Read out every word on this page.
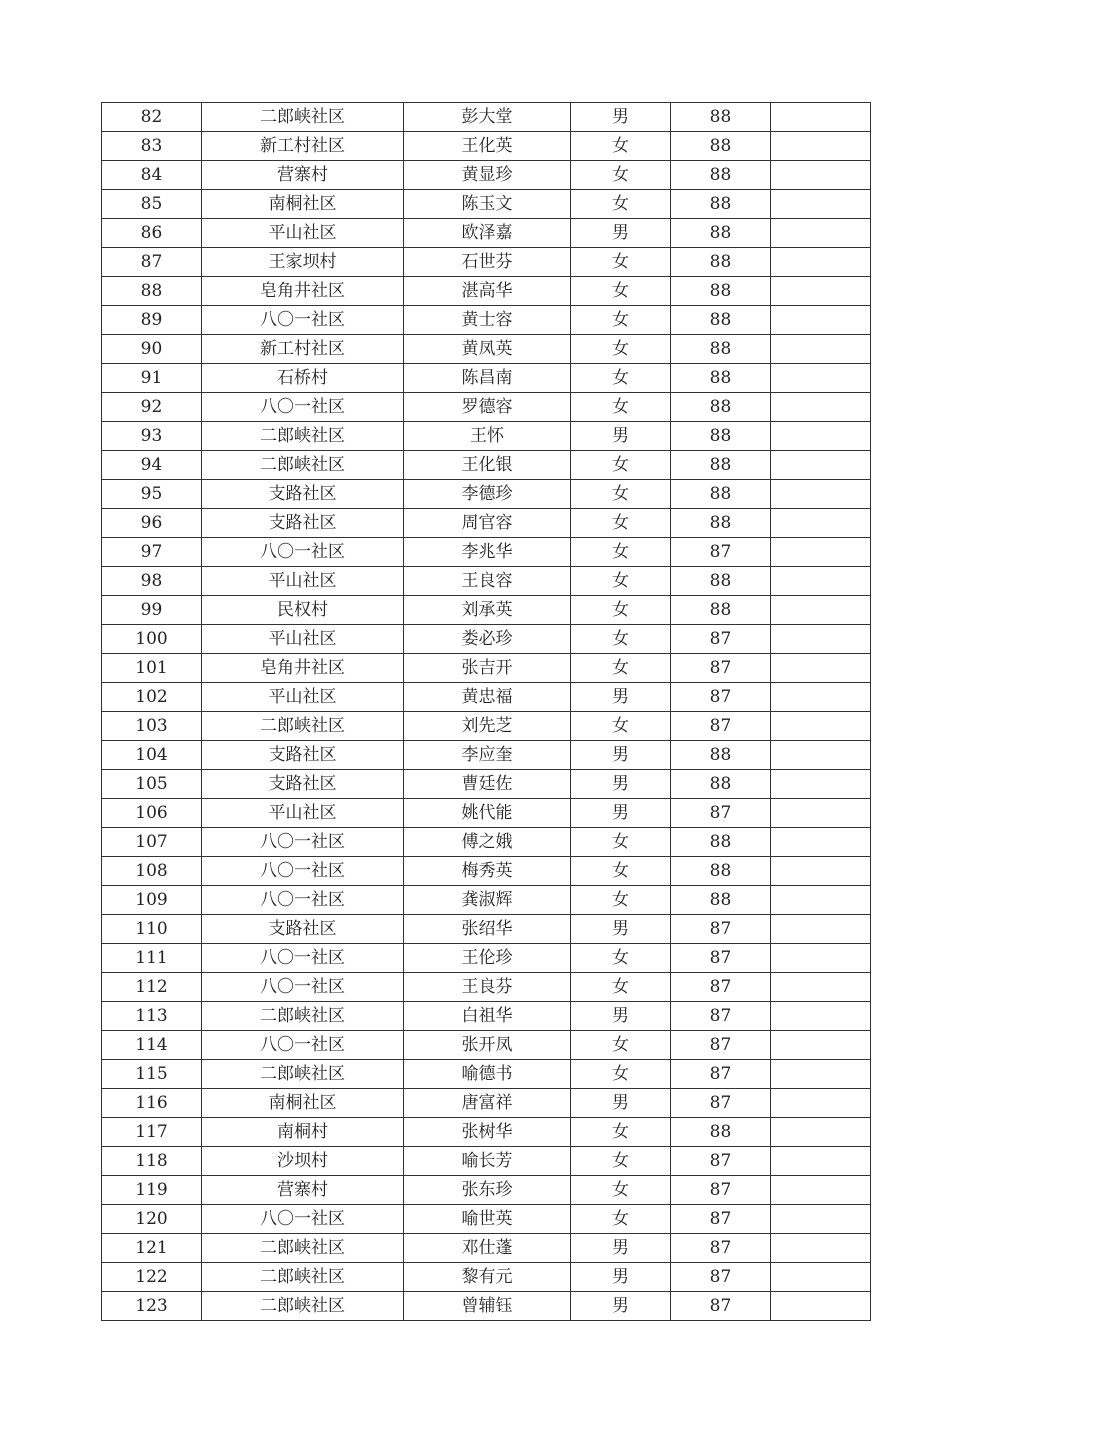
82	二郎峡社区	彭大堂	男	88	
83	新工村社区	王化英	女	88	
84	营寨村	黄显珍	女	88	
85	南桐社区	陈玉文	女	88	
86	平山社区	欧泽嘉	男	88	
87	王家坝村	石世芬	女	88	
88	皂角井社区	湛高华	女	88	
89	八〇一社区	黄士容	女	88	
90	新工村社区	黄凤英	女	88	
91	石桥村	陈昌南	女	88	
92	八〇一社区	罗德容	女	88	
93	二郎峡社区	王怀	男	88	
94	二郎峡社区	王化银	女	88	
95	支路社区	李德珍	女	88	
96	支路社区	周官容	女	88	
97	八〇一社区	李兆华	女	87	
98	平山社区	王良容	女	88	
99	民权村	刘承英	女	88	
100	平山社区	娄必珍	女	87	
101	皂角井社区	张吉开	女	87	
102	平山社区	黄忠福	男	87	
103	二郎峡社区	刘先芝	女	87	
104	支路社区	李应奎	男	88	
105	支路社区	曹廷佐	男	88	
106	平山社区	姚代能	男	87	
107	八〇一社区	傅之娥	女	88	
108	八〇一社区	梅秀英	女	88	
109	八〇一社区	龚淑辉	女	88	
110	支路社区	张绍华	男	87	
111	八〇一社区	王伦珍	女	87	
112	八〇一社区	王良芬	女	87	
113	二郎峡社区	白祖华	男	87	
114	八〇一社区	张开凤	女	87	
115	二郎峡社区	喻德书	女	87	
116	南桐社区	唐富祥	男	87	
117	南桐村	张树华	女	88	
118	沙坝村	喻长芳	女	87	
119	营寨村	张东珍	女	87	
120	八〇一社区	喻世英	女	87	
121	二郎峡社区	邓仕蓬	男	87	
122	二郎峡社区	黎有元	男	87	
123	二郎峡社区	曾辅钰	男	87	
